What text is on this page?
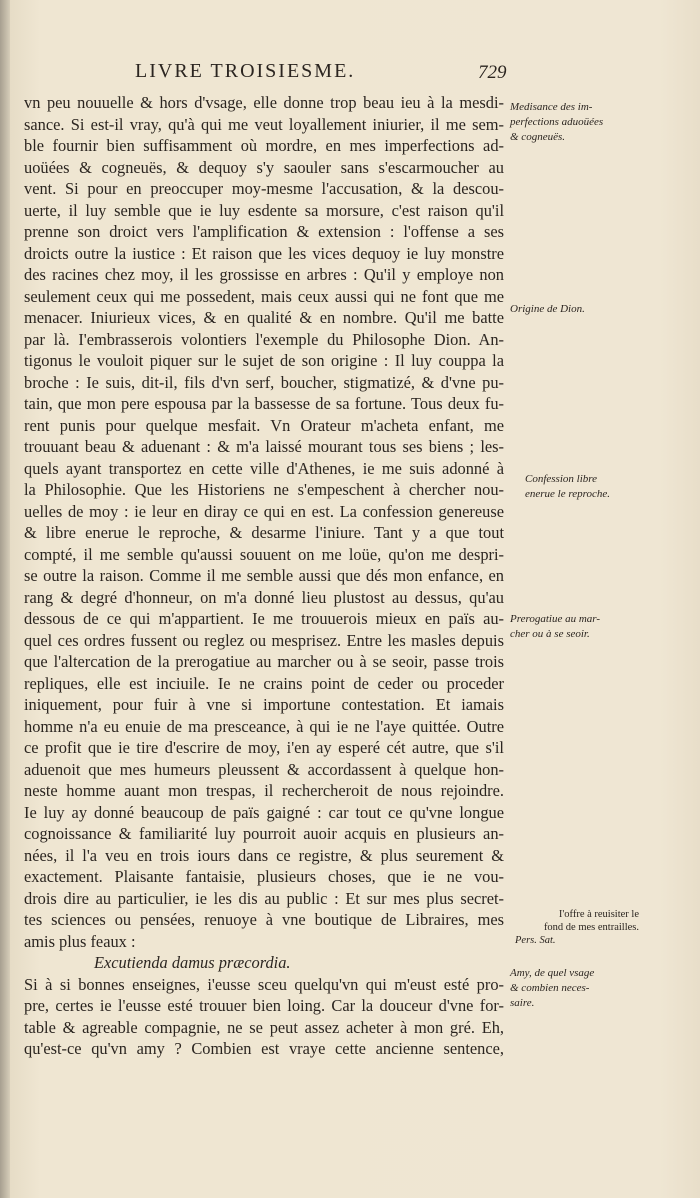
LIVRE TROISIESME.	729
vn peu nouuelle & hors d'vsage, elle donne trop beau ieu à la mesdi-
sance. Si est-il vray, qu'à qui me veut loyallement iniurier, il me sem-
ble fournir bien suffisamment où mordre, en mes imperfections ad-
uoüées & cogneuës, & dequoy s'y saouler sans s'escarmoucher au
vent. Si pour en preoccuper moy-mesme l'accusation, & la descou-
uerte, il luy semble que ie luy esdente sa morsure, c'est raison qu'il
prenne son droict vers l'amplification & extension : l'offense a ses
droicts outre la iustice : Et raison que les vices dequoy ie luy monstre
des racines chez moy, il les grossisse en arbres : Qu'il y employe non
seulement ceux qui me possedent, mais ceux aussi qui ne font que me
menacer. Iniurieux vices, & en qualité & en nombre. Qu'il me batte
par là. I'embrasserois volontiers l'exemple du Philosophe Dion. An-
tigonus le vouloit piquer sur le sujet de son origine : Il luy couppa la
broche : Ie suis, dit-il, fils d'vn serf, boucher, stigmatizé, & d'vne pu-
tain, que mon pere espousa par la bassesse de sa fortune. Tous deux fu-
rent punis pour quelque mesfait. Vn Orateur m'acheta enfant, me
trouuant beau & aduenant : & m'a laissé mourant tous ses biens ; les-
quels ayant transportez en cette ville d'Athenes, ie me suis adonné à
la Philosophie. Que les Historiens ne s'empeschent à chercher nou-
uelles de moy : ie leur en diray ce qui en est. La confession genereuse
& libre enerue le reproche, & desarme l'iniure. Tant y a que tout
compté, il me semble qu'aussi souuent on me loüe, qu'on me despri-
se outre la raison. Comme il me semble aussi que dés mon enfance, en
rang & degré d'honneur, on m'a donné lieu plustost au dessus, qu'au
dessous de ce qui m'appartient. Ie me trouuerois mieux en païs au-
quel ces ordres fussent ou reglez ou mesprisez. Entre les masles depuis
que l'altercation de la prerogatiue au marcher ou à se seoir, passe trois
repliques, elle est inciuile. Ie ne crains point de ceder ou proceder
iniquement, pour fuir à vne si importune contestation. Et iamais
homme n'a eu enuie de ma presceance, à qui ie ne l'aye quittée. Outre
ce profit que ie tire d'escrire de moy, i'en ay esperé cét autre, que s'il
aduenoit que mes humeurs pleussent & accordassent à quelque hon-
neste homme auant mon trespas, il rechercheroit de nous rejoindre.
Ie luy ay donné beaucoup de païs gaigné : car tout ce qu'vne longue
cognoissance & familiarité luy pourroit auoir acquis en plusieurs an-
nées, il l'a veu en trois iours dans ce registre, & plus seurement &
exactement. Plaisante fantaisie, plusieurs choses, que ie ne vou-
drois dire au particulier, ie les dis au public : Et sur mes plus secret-
tes sciences ou pensées, renuoye à vne boutique de Libraires, mes
amis plus feaux :
Excutienda damus præcordia.
Si à si bonnes enseignes, i'eusse sceu quelqu'vn qui m'eust esté pro-
pre, certes ie l'eusse esté trouuer bien loing. Car la douceur d'vne for-
table & agreable compagnie, ne se peut assez acheter à mon gré. Eh,
qu'est-ce qu'vn amy ? Combien est vraye cette ancienne sentence,
Medisance des im-
perfections aduoüées
& cogneuës.
Origine de Dion.
Confession libre
enerue le reproche.
Prerogatiue au mar-
cher ou à se seoir.
I'offre à reuisiter le
fond de mes entrailles.
Pers. Sat.
Amy, de quel vsage
& combien neces-
saire.
